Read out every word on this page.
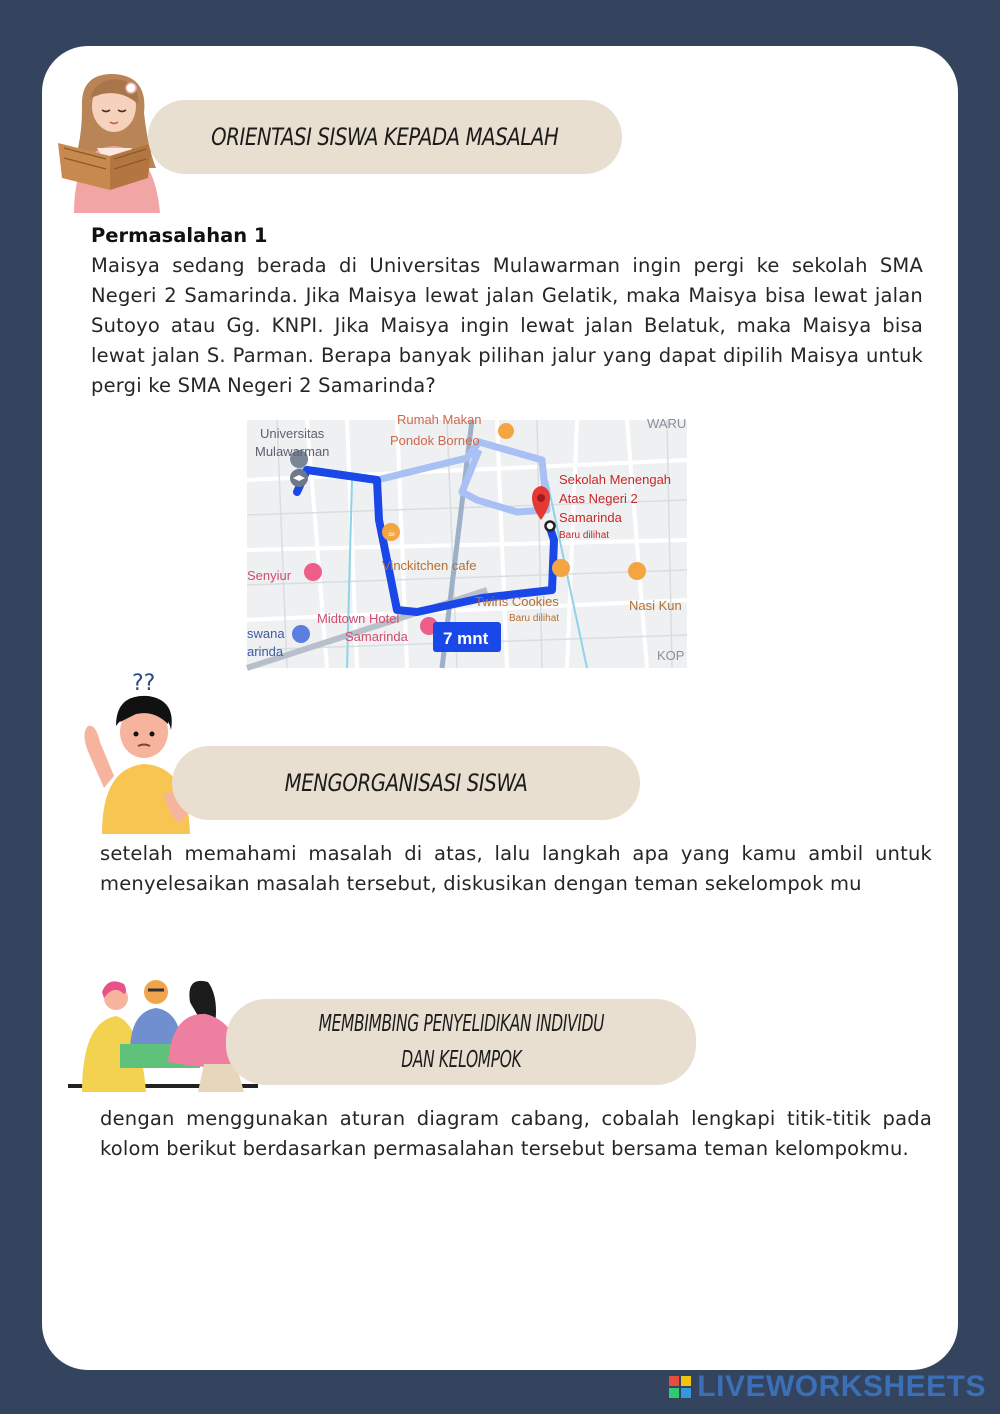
ORIENTASI SISWA KEPADA MASALAH
Permasalahan 1
Maisya sedang berada di Universitas Mulawarman ingin pergi ke sekolah SMA Negeri 2 Samarinda. Jika Maisya lewat jalan Gelatik, maka Maisya bisa lewat jalan Sutoyo atau Gg. KNPI. Jika Maisya ingin lewat jalan Belatuk, maka Maisya bisa lewat jalan S. Parman. Berapa banyak pilihan jalur yang dapat dipilih Maisya untuk pergi ke SMA Negeri 2 Samarinda?
☕
Universitas
Mulawarman
Rumah Makan
Pondok Borneo
WARU
Sekolah Menengah
Atas Negeri 2
Samarinda
Baru dilihat
Vinckitchen cafe
Senyiur
Twins Cookies
Baru dilihat
Nasi Kun
Midtown Hotel
Samarinda
swana
arinda	KOP
7 mnt
??
MENGORGANISASI SISWA
setelah memahami masalah di atas, lalu langkah apa yang kamu ambil untuk menyelesaikan masalah tersebut, diskusikan dengan teman sekelompok mu
MEMBIMBING PENYELIDIKAN INDIVIDU
DAN KELOMPOK
dengan menggunakan aturan diagram cabang, cobalah lengkapi titik-titik pada kolom berikut berdasarkan permasalahan tersebut bersama teman kelompokmu.
LIVEWORKSHEETS
